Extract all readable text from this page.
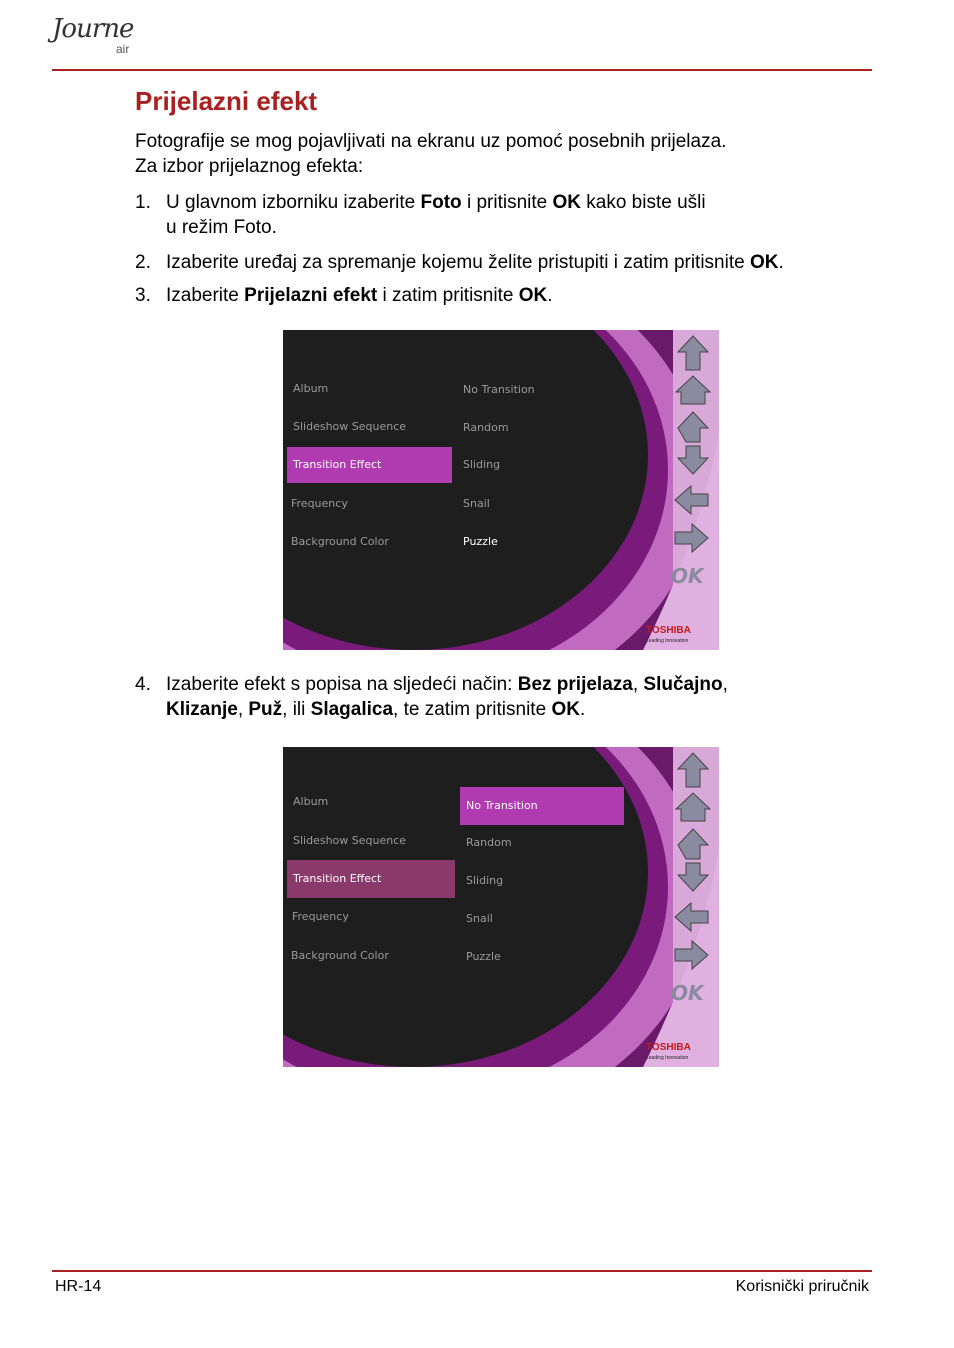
Journe
air
Prijelazni efekt
Fotografije se mog pojavljivati na ekranu uz pomoć posebnih prijelaza.
Za izbor prijelaznog efekta:
1. U glavnom izborniku izaberite Foto i pritisnite OK kako biste ušli
u režim Foto.
2. Izaberite uređaj za spremanje kojemu želite pristupiti i zatim pritisnite OK.
3. Izaberite Prijelazni efekt i zatim pritisnite OK.
Album
Slideshow Sequence
Transition Effect
Frequency
Background Color
No Transition
Random
Sliding
Snail
Puzzle
OK
TOSHIBA
Leading Innovation
4. Izaberite efekt s popisa na sljedeći način: Bez prijelaza, Slučajno,
Klizanje, Puž, ili Slagalica, te zatim pritisnite OK.
Album
Slideshow Sequence
Transition Effect
Frequency
Background Color
No Transition
Random
Sliding
Snail
Puzzle
OK
TOSHIBA
Leading Innovation
HR-14	Korisnički priručnik
